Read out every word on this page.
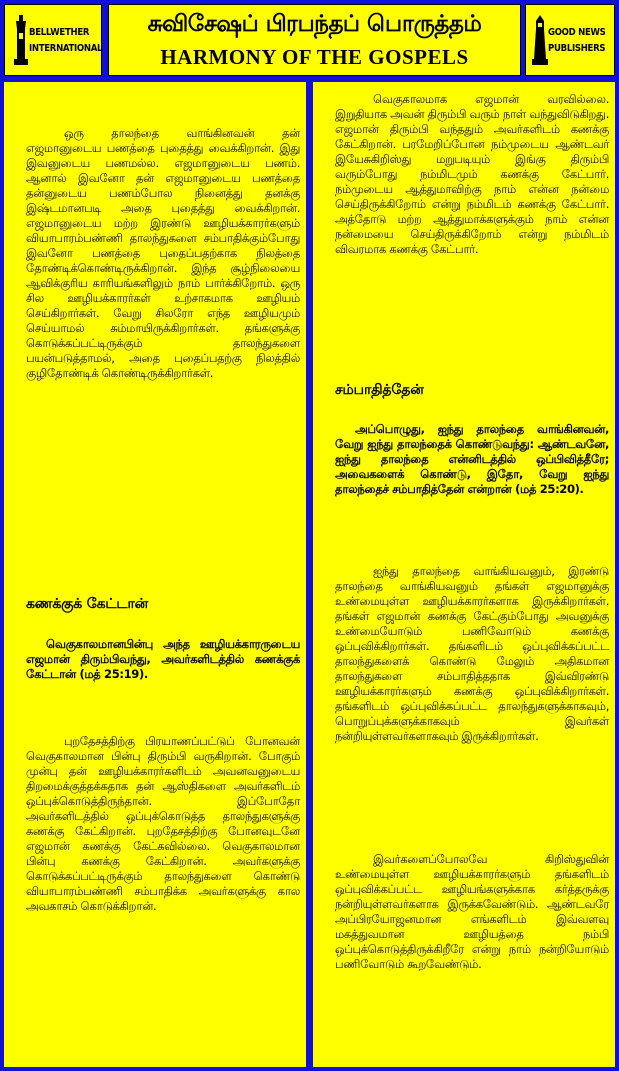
BELLWETHER INTERNATIONAL
சுவிசேஷப் பிரபந்தப் பொருத்தம்
HARMONY OF THE GOSPELS
GOOD NEWS PUBLISHERS

ஒரு தாலந்தை வாங்கினவன் தன் எஜமானுடைய பணத்தை புதைத்து வைக்கிறான். இது இவனுடைய பணமல்ல. எஜமானுடைய பணம். ஆனால் இவனோ தன் எஜமானுடைய பணத்தை தன்னுடைய பணம்போல நினைத்து தனக்கு இஷ்டமானபடி அதை புதைத்து வைக்கிறான். எஜமானுடைய மற்ற இரண்டு ஊழியக்காரர்களும் வியாபாரம்பண்ணி தாலந்துகளை சம்பாதிக்கும்போது இவனோ பணத்தை புதைப்பதற்காக நிலத்தை தோண்டிக்கொண்டிருக்கிறான். இந்த சூழ்நிலையை ஆவிக்குரிய காரியங்களிலும் நாம் பார்க்கிறோம். ஒரு சில ஊழியக்காரர்கள் உற்சாகமாக ஊழியம் செய்கிறார்கள். வேறு சிலரோ எந்த ஊழியமும் செய்யாமல் சும்மாயிருக்கிறார்கள். தங்களுக்கு கொடுக்கப்பட்டிருக்கும் தாலந்துகளை பயன்படுத்தாமல், அதை புதைப்பதற்கு நிலத்தில் குழிதோண்டிக் கொண்டிருக்கிறார்கள்.

கணக்குக் கேட்டான்

வெகுகாலமானபின்பு அந்த ஊழியக்காரருடைய எஜமான் திரும்பிவந்து, அவர்களிடத்தில் கணக்குக் கேட்டான் (மத் 25:19).

புறதேசத்திற்கு பிரயாணப்பட்டுப் போனவன் வெகுகாலமான பின்பு திரும்பி வருகிறான். போகும் முன்பு தன் ஊழியக்காரர்களிடம் அவனவனுடைய திறமைக்குத்தக்கதாக தன் ஆஸ்திகளை அவர்களிடம் ஒப்புக்கொடுத்திருந்தான். இப்போதோ அவர்களிடத்தில் ஒப்புக்கொடுத்த தாலந்துகளுக்கு கணக்கு கேட்கிறான். புறதேசத்திற்கு போனவுடனே எஜமான் கணக்கு கேட்கவில்லை. வெகுகாலமான பின்பு கணக்கு கேட்கிறான். அவர்களுக்கு கொடுக்கப்பட்டிருக்கும் தாலந்துகளை கொண்டு வியாபாரம்பண்ணி சம்பாதிக்க அவர்களுக்கு கால அவகாசம் கொடுக்கிறான்.

வெகுகாலமாக எஜமான் வரவில்லை. இறுதியாக அவன் திரும்பி வரும் நாள் வந்துவிடுகிறது. எஜமான் திரும்பி வந்ததும் அவர்களிடம் கணக்கு கேட்கிறான். பரமேறிப்போன நம்முடைய ஆண்டவர் இயேசுகிறிஸ்து மறுபடியும் இங்கு திரும்பி வரும்போது நம்மிடமும் கணக்கு கேட்பார். நம்முடைய ஆத்துமாவிற்கு நாம் என்ன நன்மை செய்திருக்கிறோம் என்று நம்மிடம் கணக்கு கேட்பார். அத்தோடு மற்ற ஆத்துமாக்களுக்கும் நாம் என்ன நன்மையை செய்திருக்கிறோம் என்று நம்மிடம் விவரமாக கணக்கு கேட்பார்.

சம்பாதித்தேன்

அப்பொழுது, ஐந்து தாலந்தை வாங்கினவன், வேறு ஐந்து தாலந்தைக் கொண்டுவந்து: ஆண்டவனே, ஐந்து தாலந்தை என்னிடத்தில் ஒப்பிவித்தீரே; அவைகளைக் கொண்டு, இதோ, வேறு ஐந்து தாலந்தைச் சம்பாதித்தேன் என்றான் (மத் 25:20).

ஐந்து தாலந்தை வாங்கியவனும், இரண்டு தாலந்தை வாங்கியவனும் தங்கள் எஜமானுக்கு உண்மையுள்ள ஊழியக்காரர்களாக இருக்கிறார்கள். தங்கள் எஜமான் கணக்கு கேட்கும்போது அவனுக்கு உண்மையோடும் பணிவோடும் கணக்கு ஒப்புவிக்கிறார்கள். தங்களிடம் ஒப்புவிக்கப்பட்ட தாலந்துகளைக் கொண்டு மேலும் அதிகமான தாலந்துகளை சம்பாதித்ததாக இவ்விரண்டு ஊழியக்காரர்களும் கணக்கு ஒப்புவிக்கிறார்கள். தங்களிடம் ஒப்புவிக்கப்பட்ட தாலந்துகளுக்காகவும், பொறுப்புக்களுக்காகவும் இவர்கள் நன்றியுள்ளவர்களாகவும் இருக்கிறார்கள்.

இவர்களைப்போலவே கிறிஸ்துவின் உண்மையுள்ள ஊழியக்காரர்களும் தங்களிடம் ஒப்புவிக்கப்பட்ட ஊழியங்களுக்காக கர்த்தருக்கு நன்றியுள்ளவர்களாக இருக்கவேண்டும். ஆண்டவரே அப்பிரயோஜனமான எங்களிடம் இவ்வளவு மகத்துவமான ஊழியத்தை நம்பி ஒப்புக்கொடுத்திருக்கிறீரே என்று நாம் நன்றியோடும் பணிவோடும் கூறவேண்டும்.
